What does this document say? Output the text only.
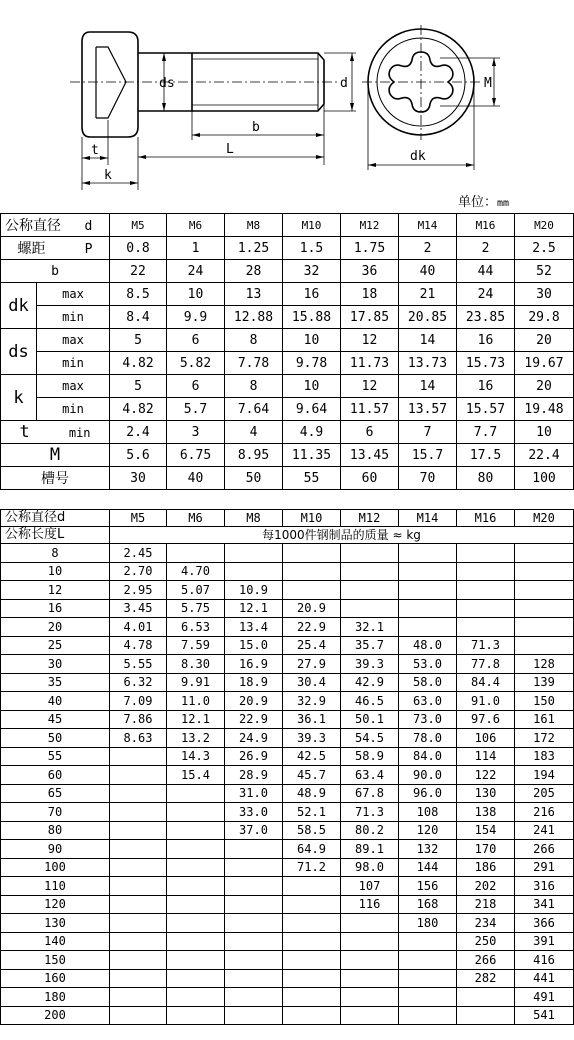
ds	d
b
L
t
k
dk
M
单位：mm
公称直径 d		M5	M6	M8	M10	M12	M14	M16	M20
螺距 P		0.8	1	1.25	1.5	1.75	2	2	2.5
b		22	24	28	32	36	40	44	52
dk	max	8.5	10	13	16	18	21	24	30
	min	8.4	9.9	12.88	15.88	17.85	20.85	23.85	29.8
ds	max	5	6	8	10	12	14	16	20
	min	4.82	5.82	7.78	9.78	11.73	13.73	15.73	19.67
k	max	5	6	8	10	12	14	16	20
	min	4.82	5.7	7.64	9.64	11.57	13.57	15.57	19.48
t min		2.4	3	4	4.9	6	7	7.7	10
M		5.6	6.75	8.95	11.35	13.45	15.7	17.5	22.4
槽号		30	40	50	55	60	70	80	100
公称直径d	M5	M6	M8	M10	M12	M14	M16	M20
公称长度L	每1000件钢制品的质量 ≈ kg							
8	2.45							
10	2.70	4.70						
12	2.95	5.07	10.9					
16	3.45	5.75	12.1	20.9				
20	4.01	6.53	13.4	22.9	32.1			
25	4.78	7.59	15.0	25.4	35.7	48.0	71.3	
30	5.55	8.30	16.9	27.9	39.3	53.0	77.8	128
35	6.32	9.91	18.9	30.4	42.9	58.0	84.4	139
40	7.09	11.0	20.9	32.9	46.5	63.0	91.0	150
45	7.86	12.1	22.9	36.1	50.1	73.0	97.6	161
50	8.63	13.2	24.9	39.3	54.5	78.0	106	172
55		14.3	26.9	42.5	58.9	84.0	114	183
60		15.4	28.9	45.7	63.4	90.0	122	194
65			31.0	48.9	67.8	96.0	130	205
70			33.0	52.1	71.3	108	138	216
80			37.0	58.5	80.2	120	154	241
90				64.9	89.1	132	170	266
100				71.2	98.0	144	186	291
110					107	156	202	316
120					116	168	218	341
130						180	234	366
140							250	391
150							266	416
160							282	441
180								491
200								541
